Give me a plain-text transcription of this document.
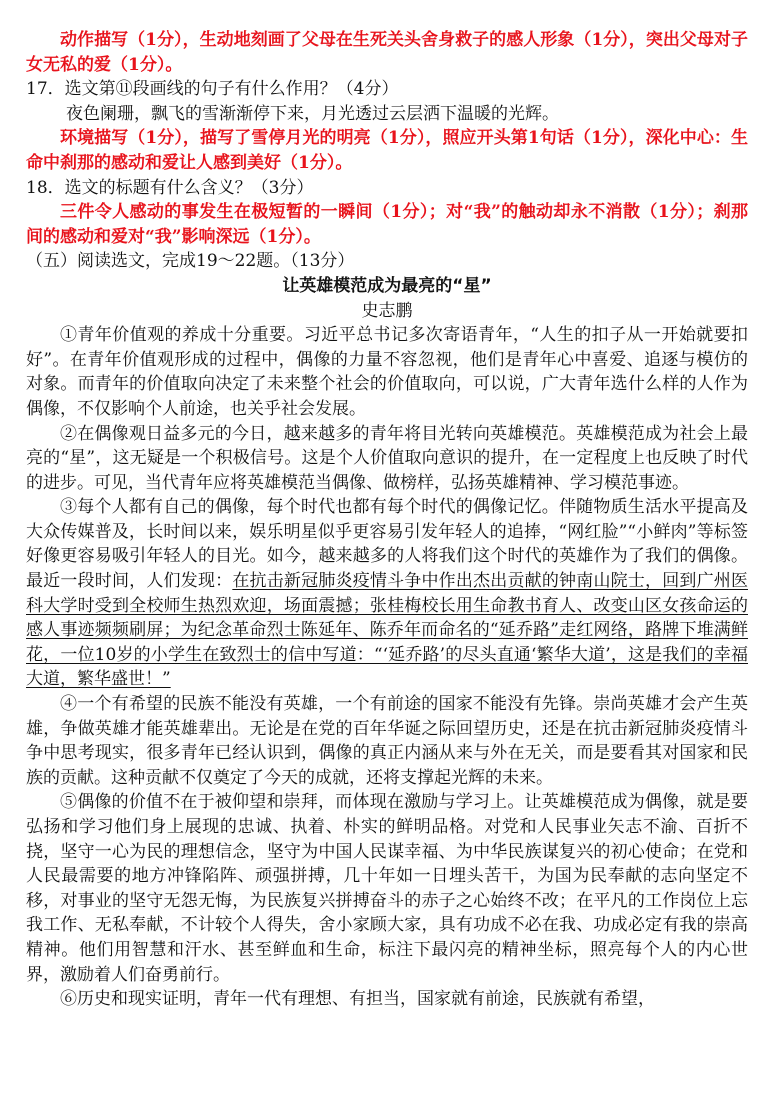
动作描写（1分），生动地刻画了父母在生死关头舍身救子的感人形象（1分），突出父母对子女无私的爱（1分）。

17．选文第⑪段画线的句子有什么作用？（4分）

夜色阑珊，飘飞的雪渐渐停下来，月光透过云层洒下温暖的光辉。

环境描写（1分），描写了雪停月光的明亮（1分），照应开头第1句话（1分），深化中心：生命中刹那的感动和爱让人感到美好（1分）。

18．选文的标题有什么含义？（3分）

三件令人感动的事发生在极短暂的一瞬间（1分）；对“我”的触动却永不消散（1分）；刹那间的感动和爱对“我”影响深远（1分）。

（五）阅读选文，完成19～22题。（13分）

让英雄模范成为最亮的“星”

史志鹏

①青年价值观的养成十分重要。习近平总书记多次寄语青年，“人生的扣子从一开始就要扣好”。在青年价值观形成的过程中，偶像的力量不容忽视，他们是青年心中喜爱、追逐与模仿的对象。而青年的价值取向决定了未来整个社会的价值取向，可以说，广大青年选什么样的人作为偶像，不仅影响个人前途，也关乎社会发展。

②在偶像观日益多元的今日，越来越多的青年将目光转向英雄模范。英雄模范成为社会上最亮的“星”，这无疑是一个积极信号。这是个人价值取向意识的提升，在一定程度上也反映了时代的进步。可见，当代青年应将英雄模范当偶像、做榜样，弘扬英雄精神、学习模范事迹。

③每个人都有自己的偶像，每个时代也都有每个时代的偶像记忆。伴随物质生活水平提高及大众传媒普及，长时间以来，娱乐明星似乎更容易引发年轻人的追捧，“网红脸”“小鲜肉”等标签好像更容易吸引年轻人的目光。如今，越来越多的人将我们这个时代的英雄作为了我们的偶像。最近一段时间，人们发现：在抗击新冠肺炎疫情斗争中作出杰出贡献的钟南山院士，回到广州医科大学时受到全校师生热烈欢迎，场面震撼；张桂梅校长用生命教书育人、改变山区女孩命运的感人事迹频频刷屏；为纪念革命烈士陈延年、陈乔年而命名的“延乔路”走红网络，路牌下堆满鲜花，一位10岁的小学生在致烈士的信中写道：“‘延乔路’的尽头直通‘繁华大道’，这是我们的幸福大道，繁华盛世！”

④一个有希望的民族不能没有英雄，一个有前途的国家不能没有先锋。崇尚英雄才会产生英雄，争做英雄才能英雄辈出。无论是在党的百年华诞之际回望历史，还是在抗击新冠肺炎疫情斗争中思考现实，很多青年已经认识到，偶像的真正内涵从来与外在无关，而是要看其对国家和民族的贡献。这种贡献不仅奠定了今天的成就，还将支撑起光辉的未来。

⑤偶像的价值不在于被仰望和崇拜，而体现在激励与学习上。让英雄模范成为偶像，就是要弘扬和学习他们身上展现的忠诚、执着、朴实的鲜明品格。对党和人民事业矢志不渝、百折不挠，坚守一心为民的理想信念，坚守为中国人民谋幸福、为中华民族谋复兴的初心使命；在党和人民最需要的地方冲锋陷阵、顽强拼搏，几十年如一日埋头苦干，为国为民奉献的志向坚定不移，对事业的坚守无怨无悔，为民族复兴拼搏奋斗的赤子之心始终不改；在平凡的工作岗位上忘我工作、无私奉献，不计较个人得失，舍小家顾大家，具有功成不必在我、功成必定有我的崇高精神。他们用智慧和汗水、甚至鲜血和生命，标注下最闪亮的精神坐标，照亮每个人的内心世界，激励着人们奋勇前行。

⑥历史和现实证明，青年一代有理想、有担当，国家就有前途，民族就有希望，
